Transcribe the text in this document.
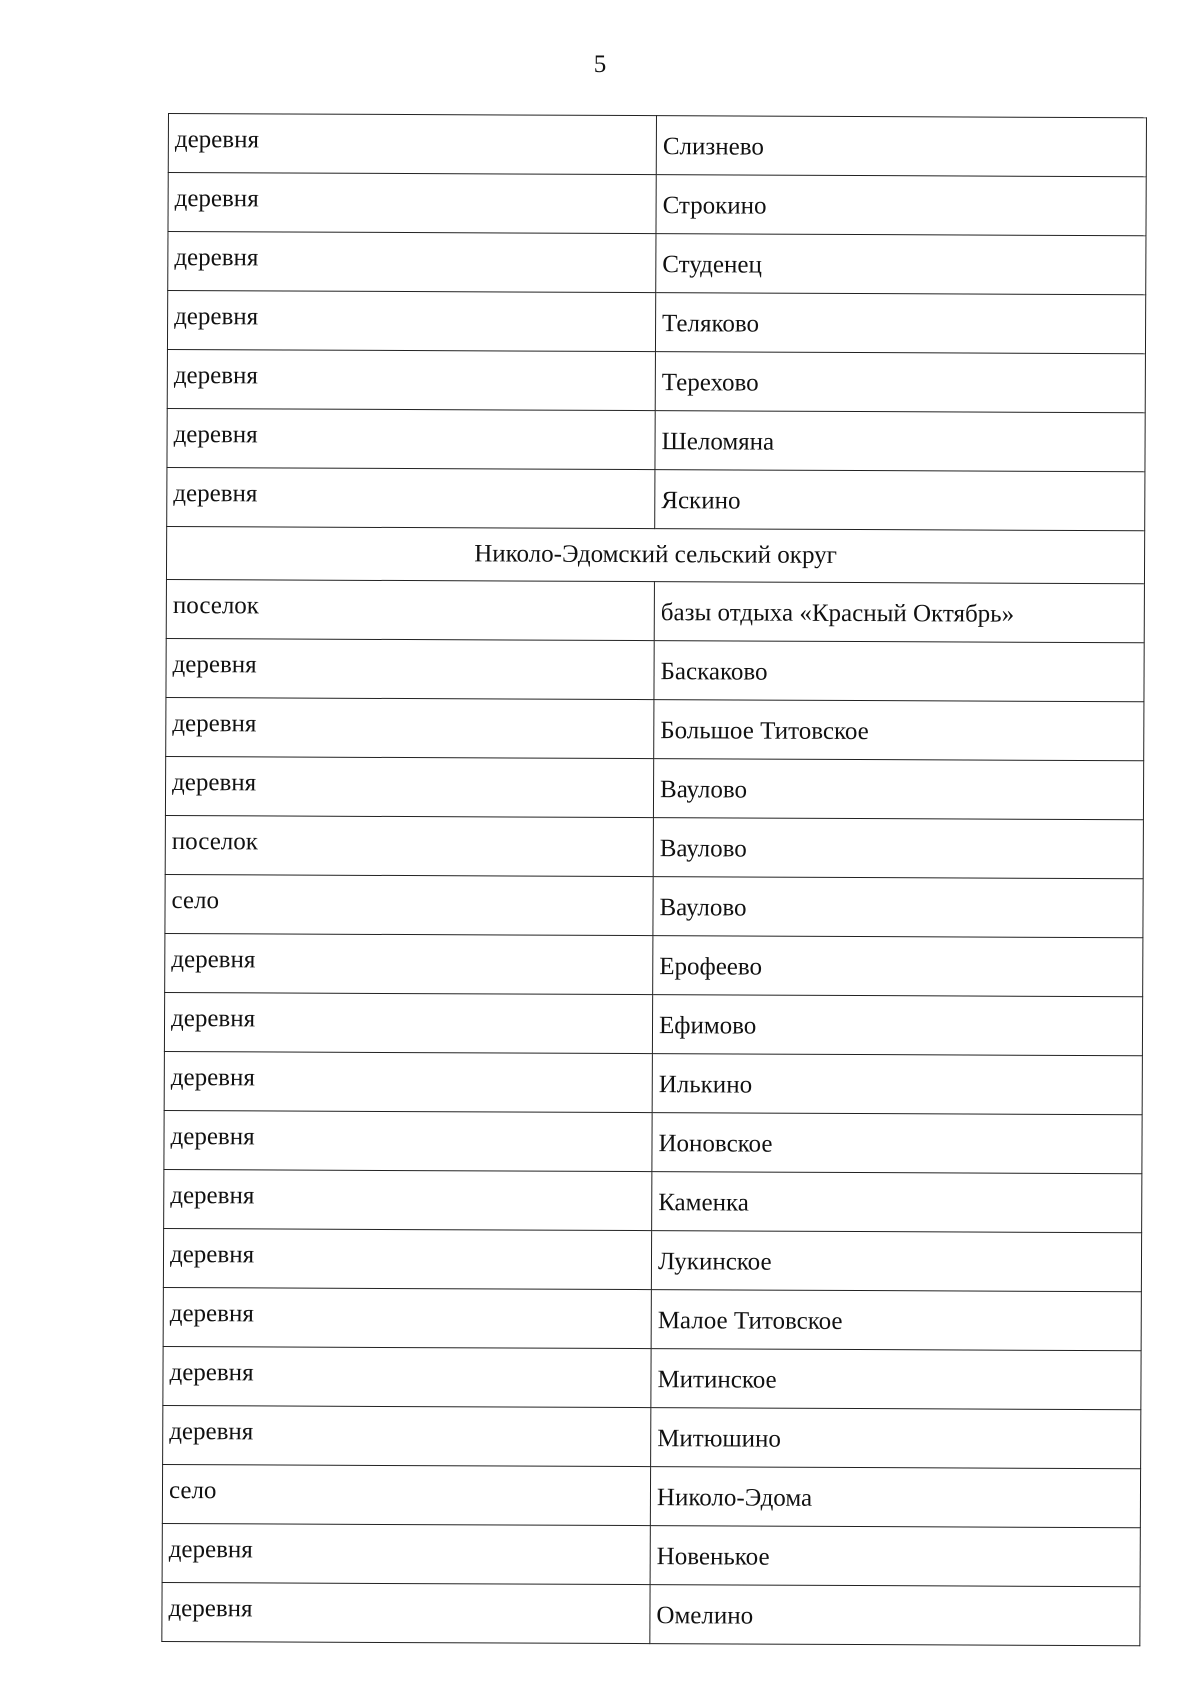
5
деревня	Слизнево
деревня	Строкино
деревня	Студенец
деревня	Теляково
деревня	Терехово
деревня	Шеломяна
деревня	Яскино
Николо-Эдомский сельский округ	
поселок	базы отдыха «Красный Октябрь»
деревня	Баскаково
деревня	Большое Титовское
деревня	Ваулово
поселок	Ваулово
село	Ваулово
деревня	Ерофеево
деревня	Ефимово
деревня	Илькино
деревня	Ионовское
деревня	Каменка
деревня	Лукинское
деревня	Малое Титовское
деревня	Митинское
деревня	Митюшино
село	Николо-Эдома
деревня	Новенькое
деревня	Омелино
